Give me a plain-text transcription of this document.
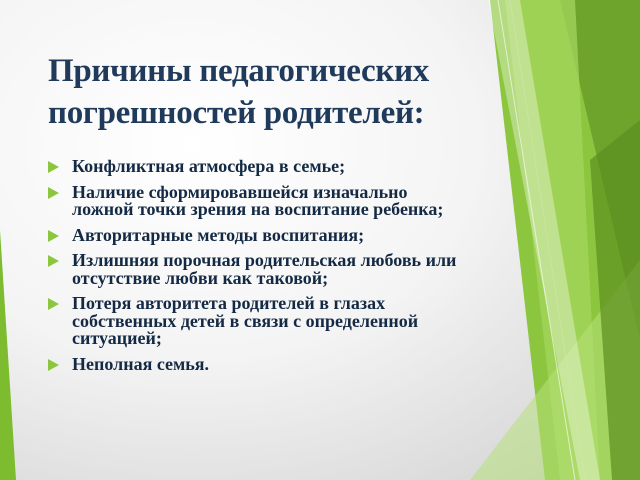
Причины педагогических погрешностей родителей:
Конфликтная атмосфера в семье;
Наличие сформировавшейся изначально ложной точки зрения на воспитание ребенка;
Авторитарные методы воспитания;
Излишняя порочная родительская любовь или отсутствие любви как таковой;
Потеря авторитета родителей в глазах собственных детей в связи с определенной ситуацией;
Неполная семья.
